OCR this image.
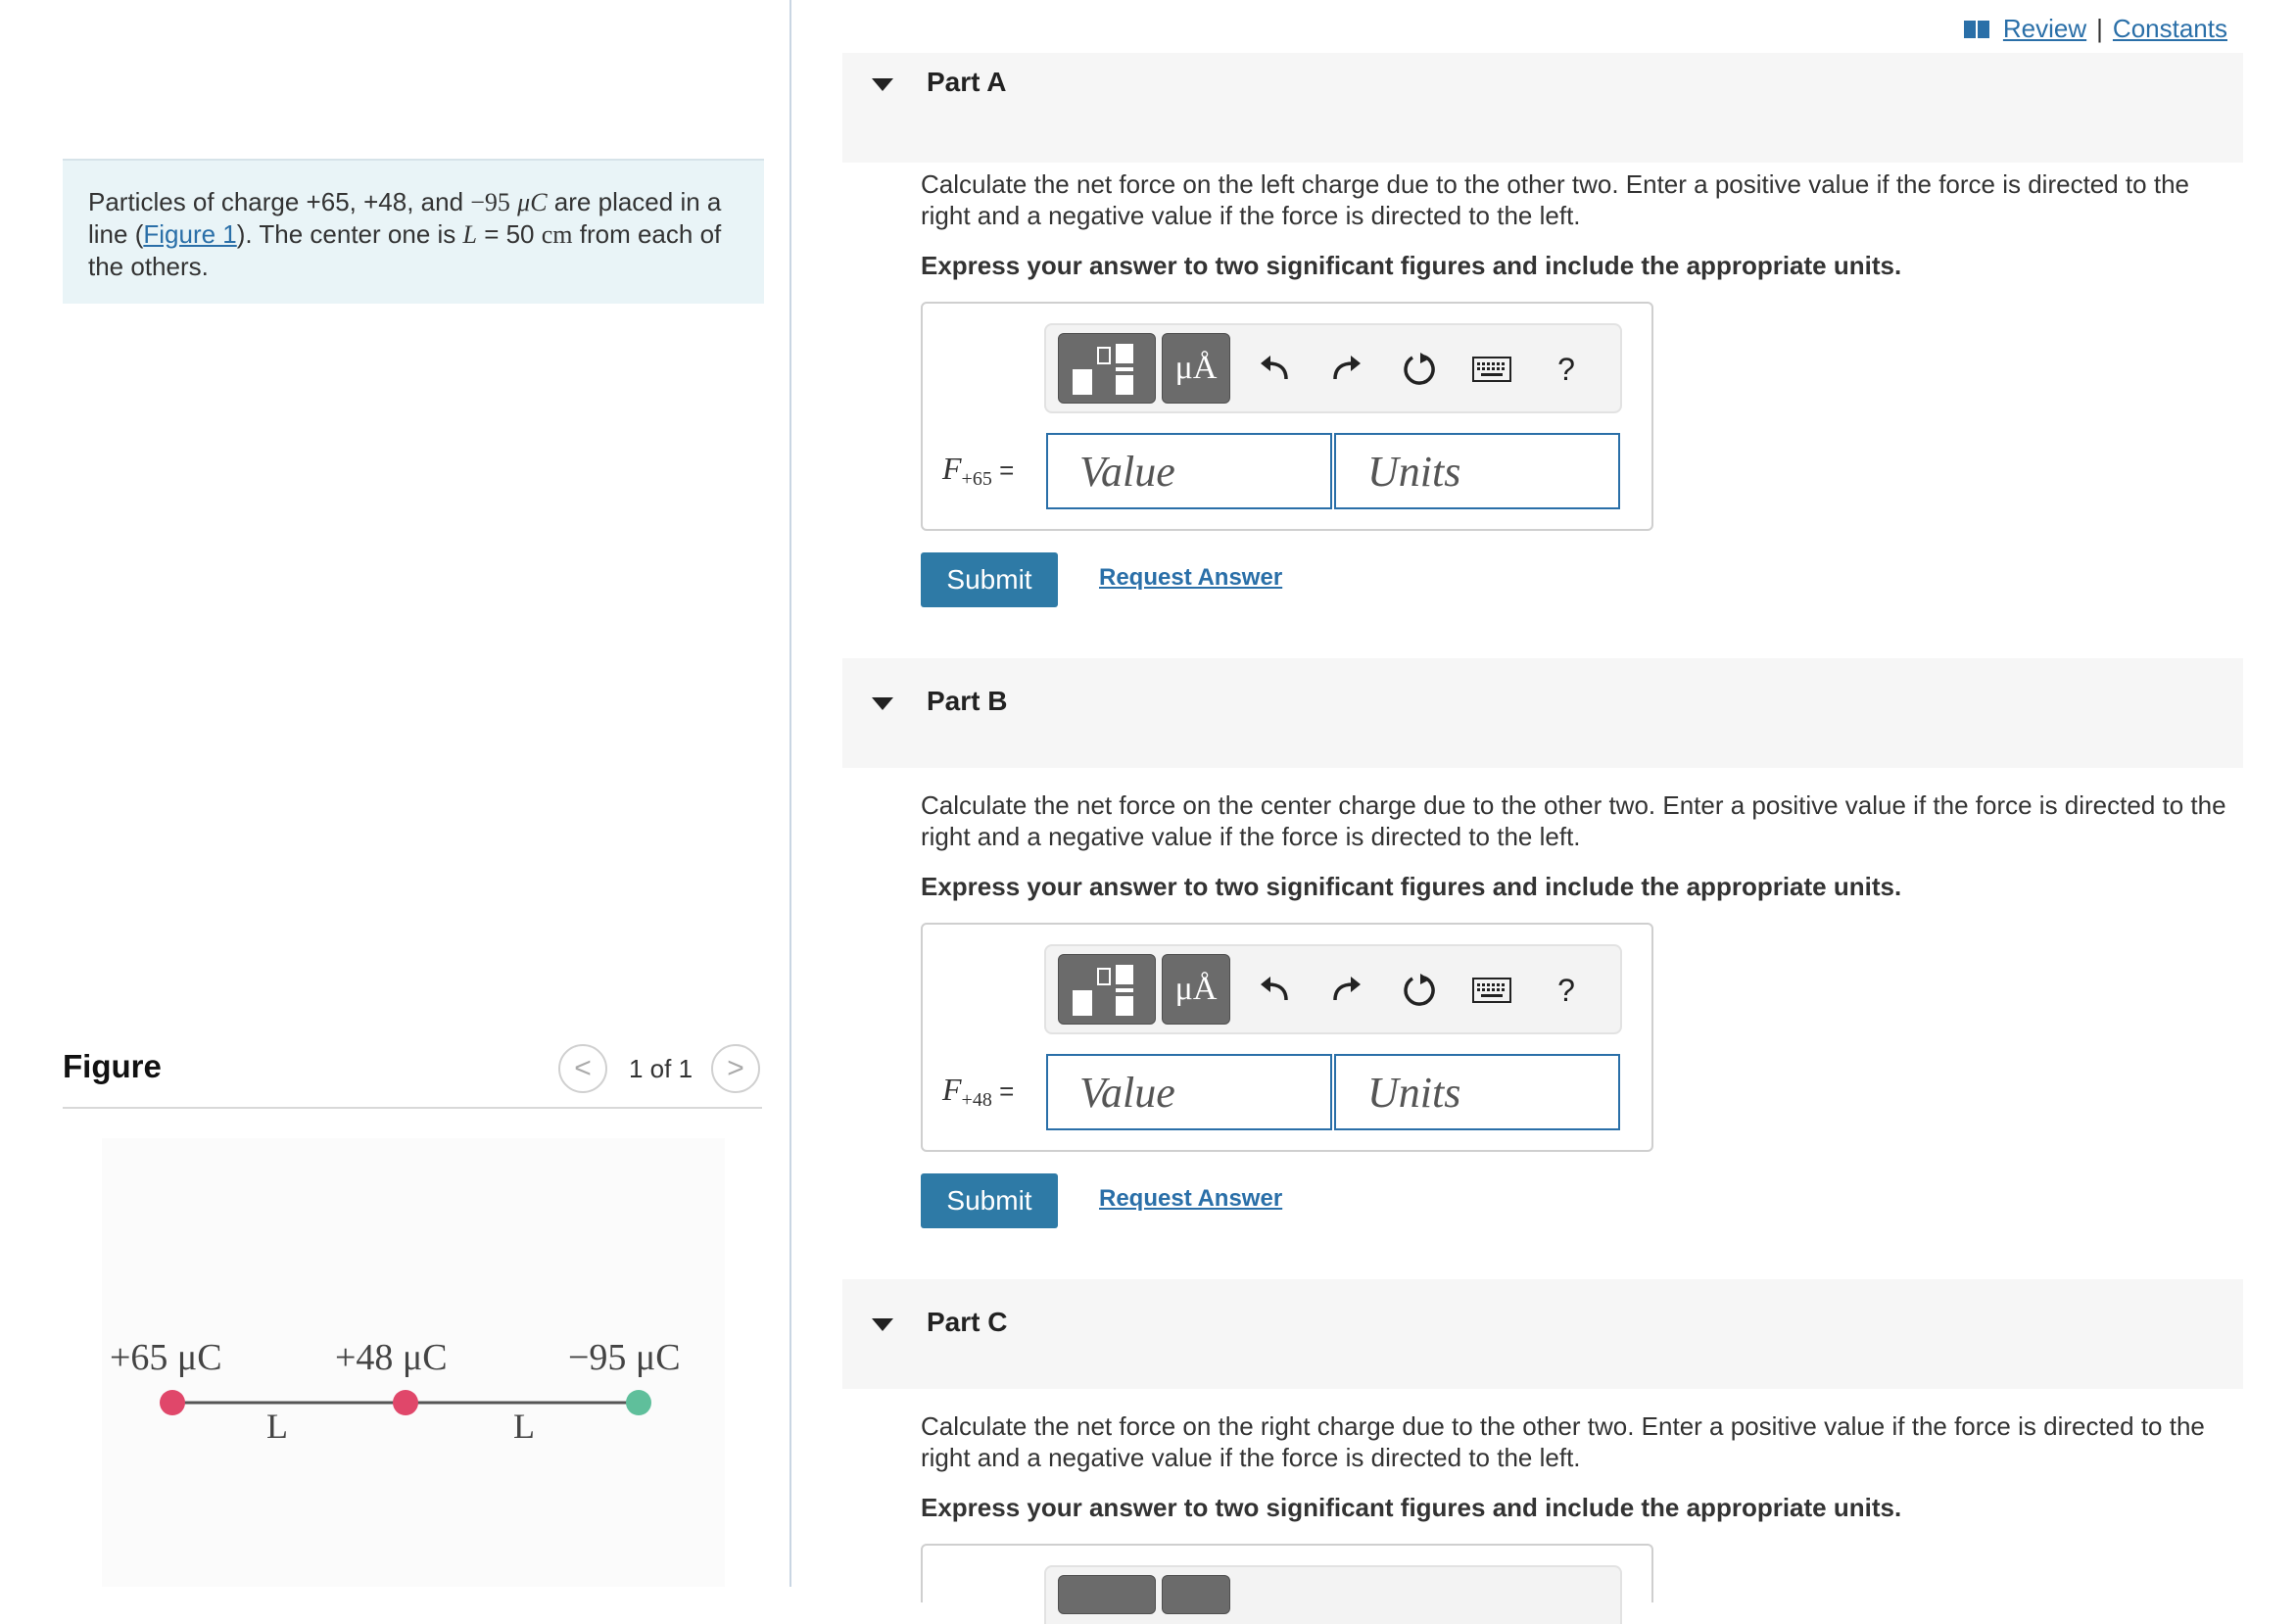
Particles of charge +65, +48, and −95 μC are placed in a line (Figure 1). The center one is L = 50 cm from each of the others.
Figure	< 1 of 1 >
+65 μC	+48 μC	−95 μC
L	L
Review | Constants
Part A
Calculate the net force on the left charge due to the other two. Enter a positive value if the force is directed to the right and a negative value if the force is directed to the left.
Express your answer to two significant figures and include the appropriate units.
μÅ	?
$F_{+65}$ =
Value
Units
Submit	Request Answer
Part B
Calculate the net force on the center charge due to the other two. Enter a positive value if the force is directed to the right and a negative value if the force is directed to the left.
Express your answer to two significant figures and include the appropriate units.
μÅ	?
$F_{+48}$ =
Value
Units
Submit	Request Answer
Part C
Calculate the net force on the right charge due to the other two. Enter a positive value if the force is directed to the right and a negative value if the force is directed to the left.
Express your answer to two significant figures and include the appropriate units.
